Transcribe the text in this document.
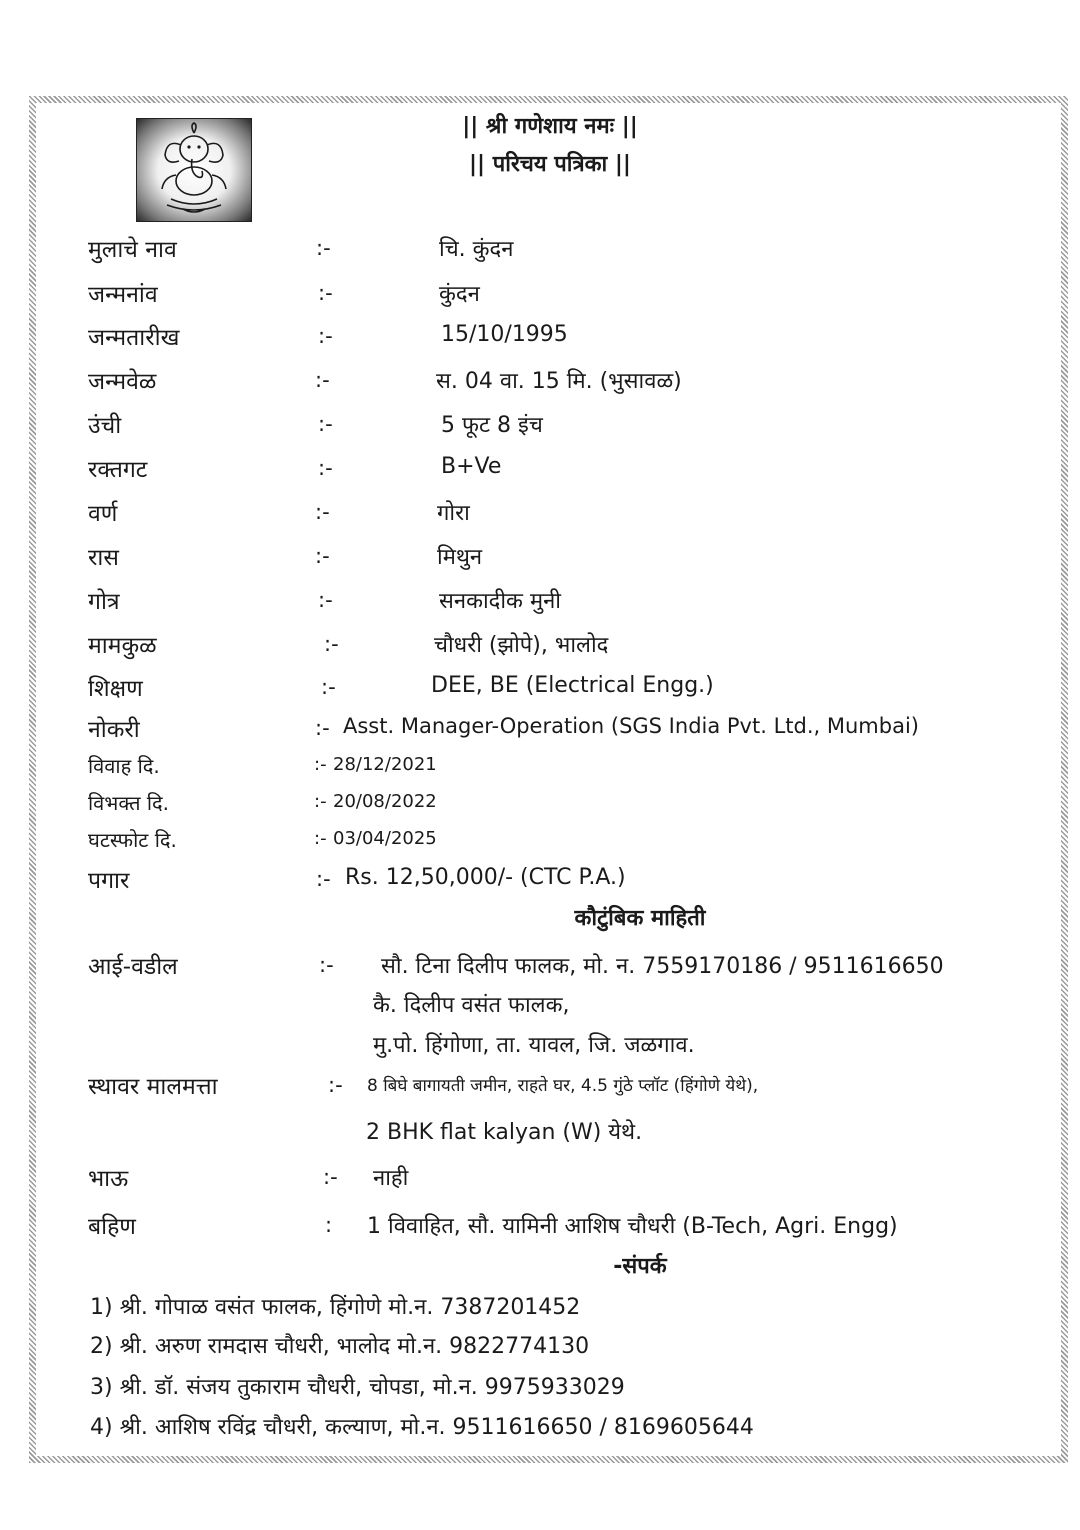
|| श्री गणेशाय नमः ||
|| परिचय पत्रिका ||
मुलाचे नाव	:-	चि. कुंदन
जन्मनांव	:-	कुंदन
जन्मतारीख	:-	15/10/1995
जन्मवेळ	:-	स. 04 वा. 15 मि. (भुसावळ)
उंची	:-	5 फूट 8 इंच
रक्तगट	:-	B+Ve
वर्ण	:-	गोरा
रास	:-	मिथुन
गोत्र	:-	सनकादीक मुनी
मामकुळ	:-	चौधरी (झोपे), भालोद
शिक्षण	:-	DEE, BE (Electrical Engg.)
नोकरी	:- Asst. Manager-Operation (SGS India Pvt. Ltd., Mumbai)
विवाह दि.	:- 28/12/2021
विभक्त दि.	:- 20/08/2022
घटस्फोट दि.	:- 03/04/2025
पगार	:- Rs. 12,50,000/- (CTC P.A.)
कौटुंबिक माहिती
आई-वडील	:- सौ. टिना दिलीप फालक, मो. न. 7559170186 / 9511616650
कै. दिलीप वसंत फालक,
मु.पो. हिंगोणा, ता. यावल, जि. जळगाव.
स्थावर मालमत्ता	:- 8 बिघे बागायती जमीन, राहते घर, 4.5 गुंठे प्लॉट (हिंगोणे येथे),
2 BHK flat kalyan (W) येथे.
भाऊ	:- नाही
बहिण	: 1 विवाहित, सौ. यामिनी आशिष चौधरी (B-Tech, Agri. Engg)
-संपर्क
1) श्री. गोपाळ वसंत फालक, हिंगोणे मो.न. 7387201452
2) श्री. अरुण रामदास चौधरी, भालोद मो.न. 9822774130
3) श्री. डॉ. संजय तुकाराम चौधरी, चोपडा, मो.न. 9975933029
4) श्री. आशिष रविंद्र चौधरी, कल्याण, मो.न. 9511616650 / 8169605644
